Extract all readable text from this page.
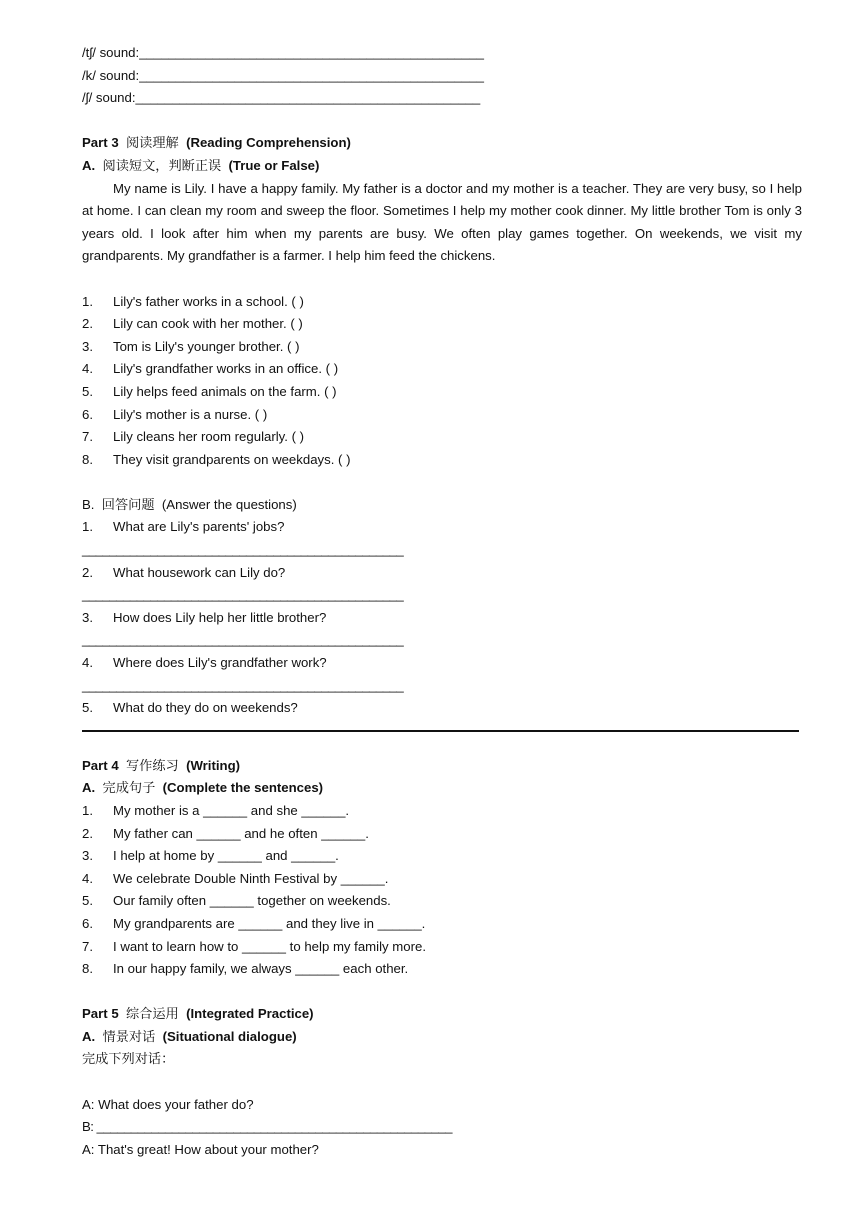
/tʃ/ sound:_______________________________________________
/k/ sound:_______________________________________________
/ʃ/ sound:_______________________________________________
Part 3 阅读理解 (Reading Comprehension)
A. 阅读短文，判断正误 (True or False)

My name is Lily. I have a happy family. My father is a doctor and my mother is a teacher. They are very busy, so I help at home. I can clean my room and sweep the floor. Sometimes I help my mother cook dinner. My little brother Tom is only 3 years old. I look after him when my parents are busy. We often play games together. On weekends, we visit my grandparents. My grandfather is a farmer. I help him feed the chickens.

1. Lily's father works in a school. ( )
2. Lily can cook with her mother. ( )
3. Tom is Lily's younger brother. ( )
4. Lily's grandfather works in an office. ( )
5. Lily helps feed animals on the farm. ( )
6. Lily's mother is a nurse. ( )
7. Lily cleans her room regularly. ( )
8. They visit grandparents on weekdays. ( )
B. 回答问题 (Answer the questions)
1. What are Lily's parents' jobs?
_______________________________________________
2. What housework can Lily do?
_______________________________________________
3. How does Lily help her little brother?
_______________________________________________
4. Where does Lily's grandfather work?
_______________________________________________
5. What do they do on weekends?
Part 4 写作练习 (Writing)
A. 完成句子 (Complete the sentences)
1. My mother is a ______ and she ______.
2. My father can ______ and he often ______.
3. I help at home by ______ and ______.
4. We celebrate Double Ninth Festival by ______.
5. Our family often ______ together on weekends.
6. My grandparents are ______ and they live in ______.
7. I want to learn how to ______ to help my family more.
8. In our happy family, we always ______ each other.
Part 5 综合运用 (Integrated Practice)
A. 情景对话 (Situational dialogue)
完成下列对话：
A: What does your father do?
B: ____________________________________________________
A: That's great! How about your mother?
